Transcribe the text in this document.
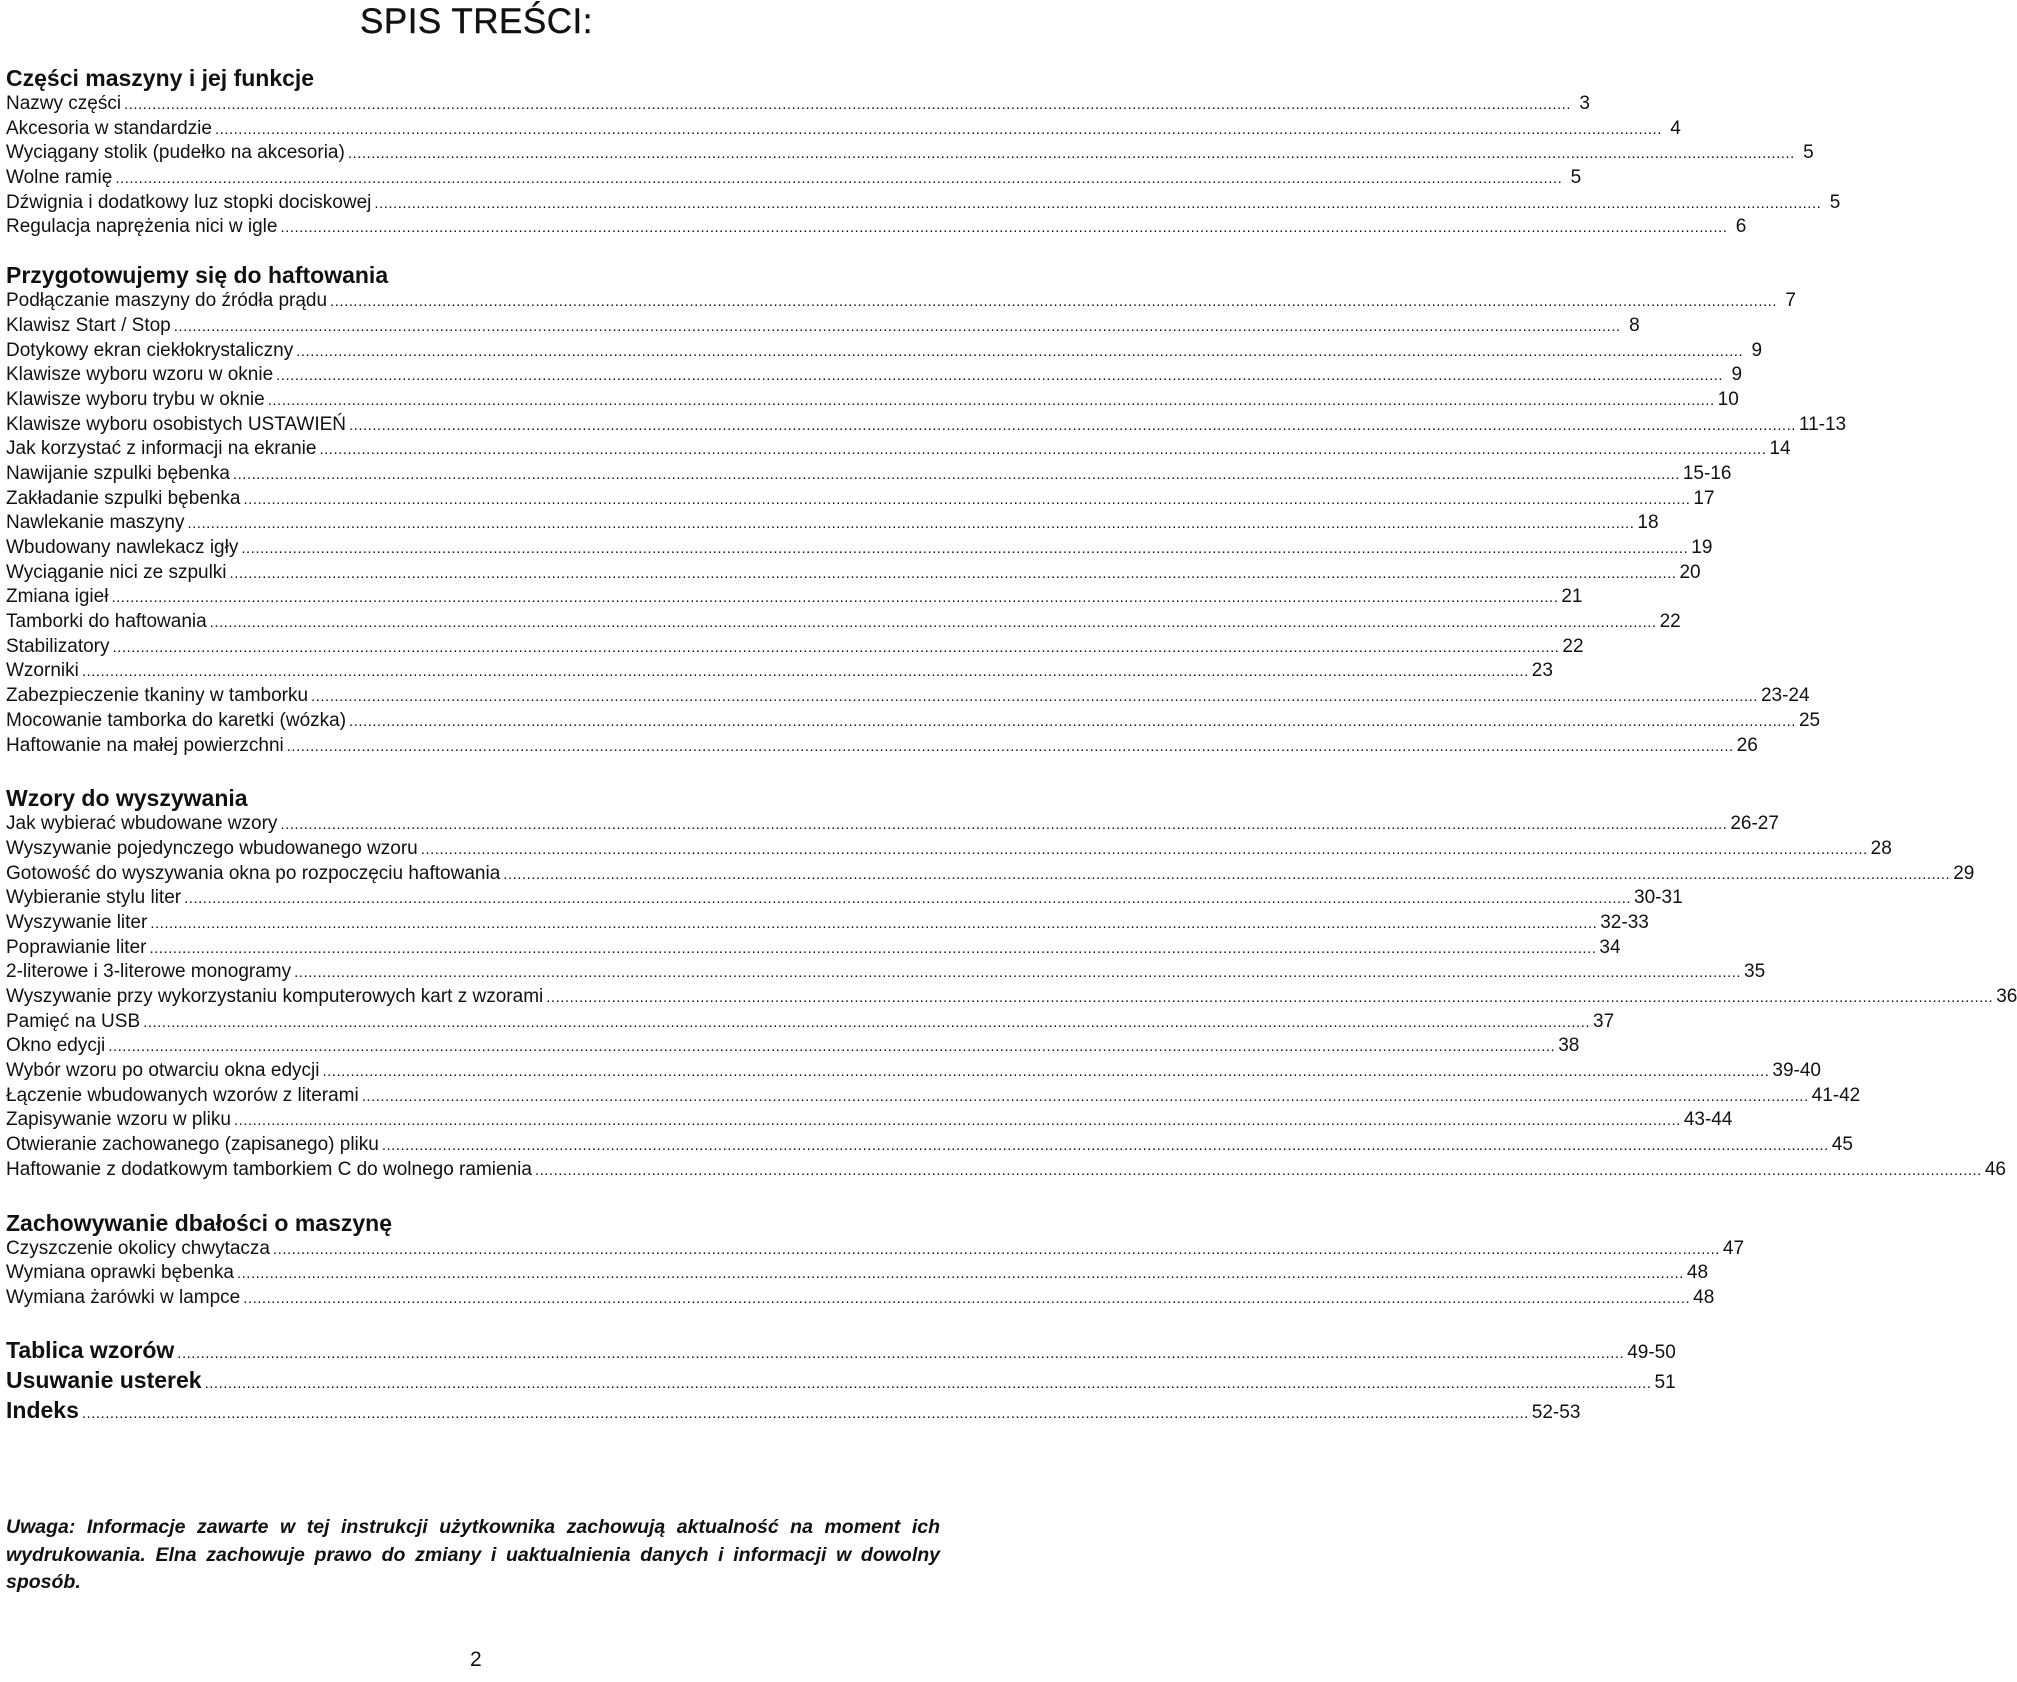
SPIS TREŚCI:
Części maszyny i jej funkcje
Nazwy części .....	3
Akcesoria w standardzie .....	4
Wyciągany stolik (pudełko na akcesoria) .....	5
Wolne ramię .....	5
Dźwignia i dodatkowy luz stopki dociskowej .....	5
Regulacja naprężenia nici w igle .....	6
Przygotowujemy się do haftowania
Podłączanie maszyny do źródła prądu .....	7
Klawisz Start / Stop .....	8
Dotykowy ekran ciekłokrystaliczny .....	9
Klawisze wyboru wzoru w oknie .....	9
Klawisze wyboru trybu w oknie .....	10
Klawisze wyboru osobistych USTAWIEŃ .....	11-13
Jak korzystać z informacji na ekranie .....	14
Nawijanie szpulki bębenka .....	15-16
Zakładanie szpulki bębenka .....	17
Nawlekanie maszyny .....	18
Wbudowany nawlekacz igły .....	19
Wyciąganie nici ze szpulki .....	20
Zmiana igieł .....	21
Tamborki do haftowania .....	22
Stabilizatory .....	22
Wzorniki .....	23
Zabezpieczenie tkaniny w tamborku .....	23-24
Mocowanie tamborka do karetki (wózka) .....	25
Haftowanie na małej powierzchni .....	26
Wzory do wyszywania
Jak wybierać wbudowane wzory .....	26-27
Wyszywanie pojedynczego wbudowanego wzoru .....	28
Gotowość do wyszywania okna po rozpoczęciu haftowania .....	29
Wybieranie stylu liter .....	30-31
Wyszywanie liter .....	32-33
Poprawianie liter .....	34
2-literowe i 3-literowe monogramy .....	35
Wyszywanie przy wykorzystaniu komputerowych kart z wzorami .....	36
Pamięć na USB .....	37
Okno edycji .....	38
Wybór wzoru po otwarciu okna edycji .....	39-40
Łączenie wbudowanych wzorów z literami .....	41-42
Zapisywanie wzoru w pliku .....	43-44
Otwieranie zachowanego (zapisanego) pliku .....	45
Haftowanie z dodatkowym tamborkiem C do wolnego ramienia .....	46
Zachowywanie dbałości o maszynę
Czyszczenie okolicy chwytacza .....	47
Wymiana oprawki bębenka .....	48
Wymiana żarówki w lampce .....	48
Tablica wzorów .....	49-50
Usuwanie usterek .....	51
Indeks .....	52-53
Uwaga: Informacje zawarte w tej instrukcji użytkownika zachowują aktualność na moment ich wydrukowania. Elna zachowuje prawo do zmiany i uaktualnienia danych i informacji w dowolny sposób.
2
